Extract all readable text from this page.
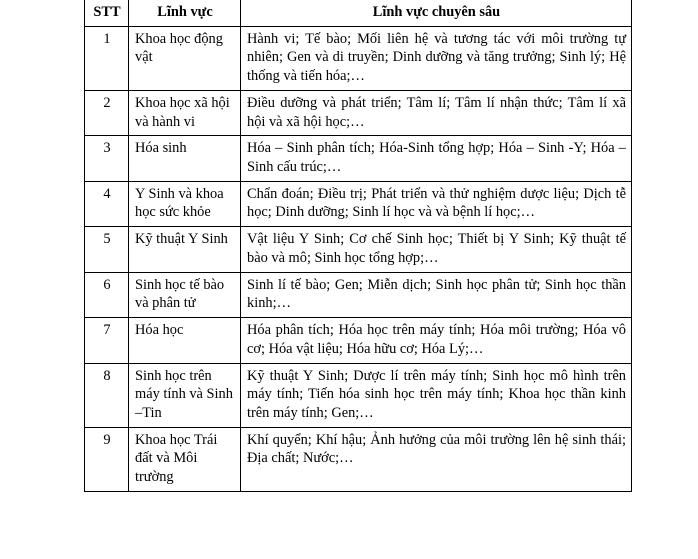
STT	Lĩnh vực	Lĩnh vực chuyên sâu
1	Khoa học động vật	Hành vi; Tế bào; Mối liên hệ và tương tác với môi trường tự nhiên; Gen và di truyền; Dinh dưỡng và tăng trưởng; Sinh lý; Hệ thống và tiến hóa;…
2	Khoa học xã hội và hành vi	Điều dưỡng và phát triển; Tâm lí; Tâm lí nhận thức; Tâm lí xã hội và xã hội học;…
3	Hóa sinh	Hóa – Sinh phân tích; Hóa-Sinh tổng hợp; Hóa – Sinh -Y; Hóa – Sinh cấu trúc;…
4	Y Sinh và khoa học sức khỏe	Chẩn đoán; Điều trị; Phát triển và thử nghiệm dược liệu; Dịch tễ học; Dinh dưỡng; Sinh lí học và và bệnh lí học;…
5	Kỹ thuật Y Sinh	Vật liệu Y Sinh; Cơ chế Sinh học; Thiết bị Y Sinh; Kỹ thuật tế bào và mô; Sinh học tổng hợp;…
6	Sinh học tế bào và phân tử	Sinh lí tế bào; Gen; Miễn dịch; Sinh học phân tử; Sinh học thần kinh;…
7	Hóa học	Hóa phân tích; Hóa học trên máy tính; Hóa môi trường; Hóa vô cơ; Hóa vật liệu; Hóa hữu cơ; Hóa Lý;…
8	Sinh học trên máy tính và Sinh –Tin	Kỹ thuật Y Sinh; Dược lí trên máy tính; Sinh học mô hình trên máy tính; Tiến hóa sinh học trên máy tính; Khoa học thần kinh trên máy tính; Gen;…
9	Khoa học Trái đất và Môi trường	Khí quyển; Khí hậu; Ảnh hưởng của môi trường lên hệ sinh thái; Địa chất; Nước;…
